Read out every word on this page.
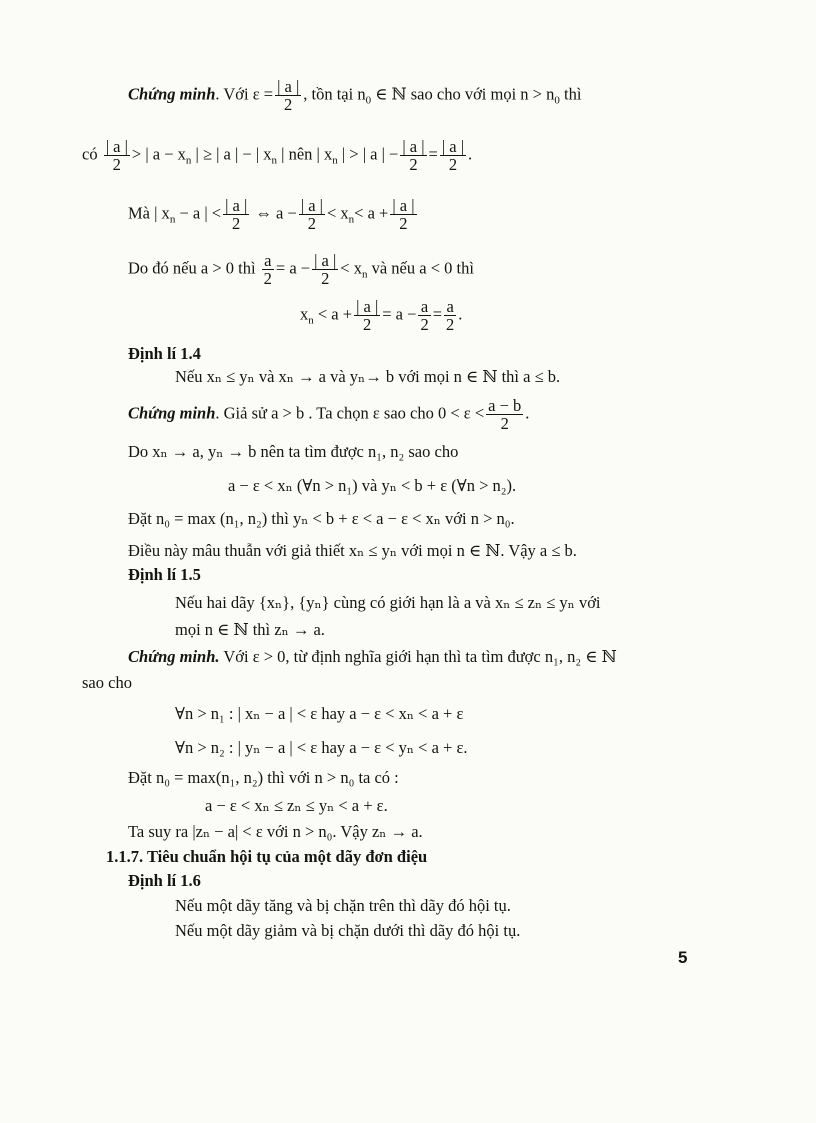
Chứng minh. Với $\varepsilon = \frac{| a |}{2}$ , tồn tại $n_0$ ∈ ℕ sao cho với mọi $n > n_0$ thì
có $\frac{| a |}{2}$ > | $a - x_n$ | ≥ | a | − | $x_n$ | nên | $x_n$ | > | a | − $\frac{| a |}{2} = \frac{| a |}{2}$ .
Mà | $x_n - a$ | < $\frac{| a |}{2}$ ⇔ $a - \frac{| a |}{2} < x_n< a + \frac{| a |}{2}$
Do đó nếu a > 0 thì $\frac{a}{2} = a - \frac{| a |}{2} < x_n$ và nếu a < 0 thì
$x_n < a + \frac{| a |}{2} = a - \frac{a}{2} = \frac{a}{2}$ .
Định lí 1.4
Nếu xₙ ≤ yₙ và xₙ → a và yₙ→ b với mọi n ∈ ℕ thì a ≤ b.
Chứng minh. Giả sử a > b . Ta chọn ε sao cho $0 < \varepsilon < \frac{a - b}{2}$ .
Do xₙ → a, yₙ → b nên ta tìm được n₁, n₂ sao cho
a − ε < xₙ (∀n > n₁) và yₙ < b + ε (∀n > n₂).
Đặt n₀ = max (n₁, n₂) thì yₙ < b + ε < a − ε < xₙ với n > n₀.
Điều này mâu thuẫn với giả thiết xₙ ≤ yₙ với mọi n ∈ ℕ. Vậy a ≤ b.
Định lí 1.5
Nếu hai dãy {xₙ}, {yₙ} cùng có giới hạn là a và xₙ ≤ zₙ ≤ yₙ với
mọi n ∈ ℕ thì zₙ → a.
Chứng minh. Với ε > 0, từ định nghĩa giới hạn thì ta tìm được n₁, n₂ ∈ ℕ
sao cho
∀n > n₁ : | xₙ − a | < ε hay a − ε < xₙ < a + ε
∀n > n₂ : | yₙ − a | < ε hay a − ε < yₙ < a + ε.
Đặt n₀ = max(n₁, n₂) thì với n > n₀ ta có :
a − ε < xₙ ≤ zₙ ≤ yₙ < a + ε.
Ta suy ra |zₙ − a| < ε với n > n₀. Vậy zₙ → a.
1.1.7. Tiêu chuẩn hội tụ của một dãy đơn điệu
Định lí 1.6
Nếu một dãy tăng và bị chặn trên thì dãy đó hội tụ.
Nếu một dãy giảm và bị chặn dưới thì dãy đó hội tụ.
5
